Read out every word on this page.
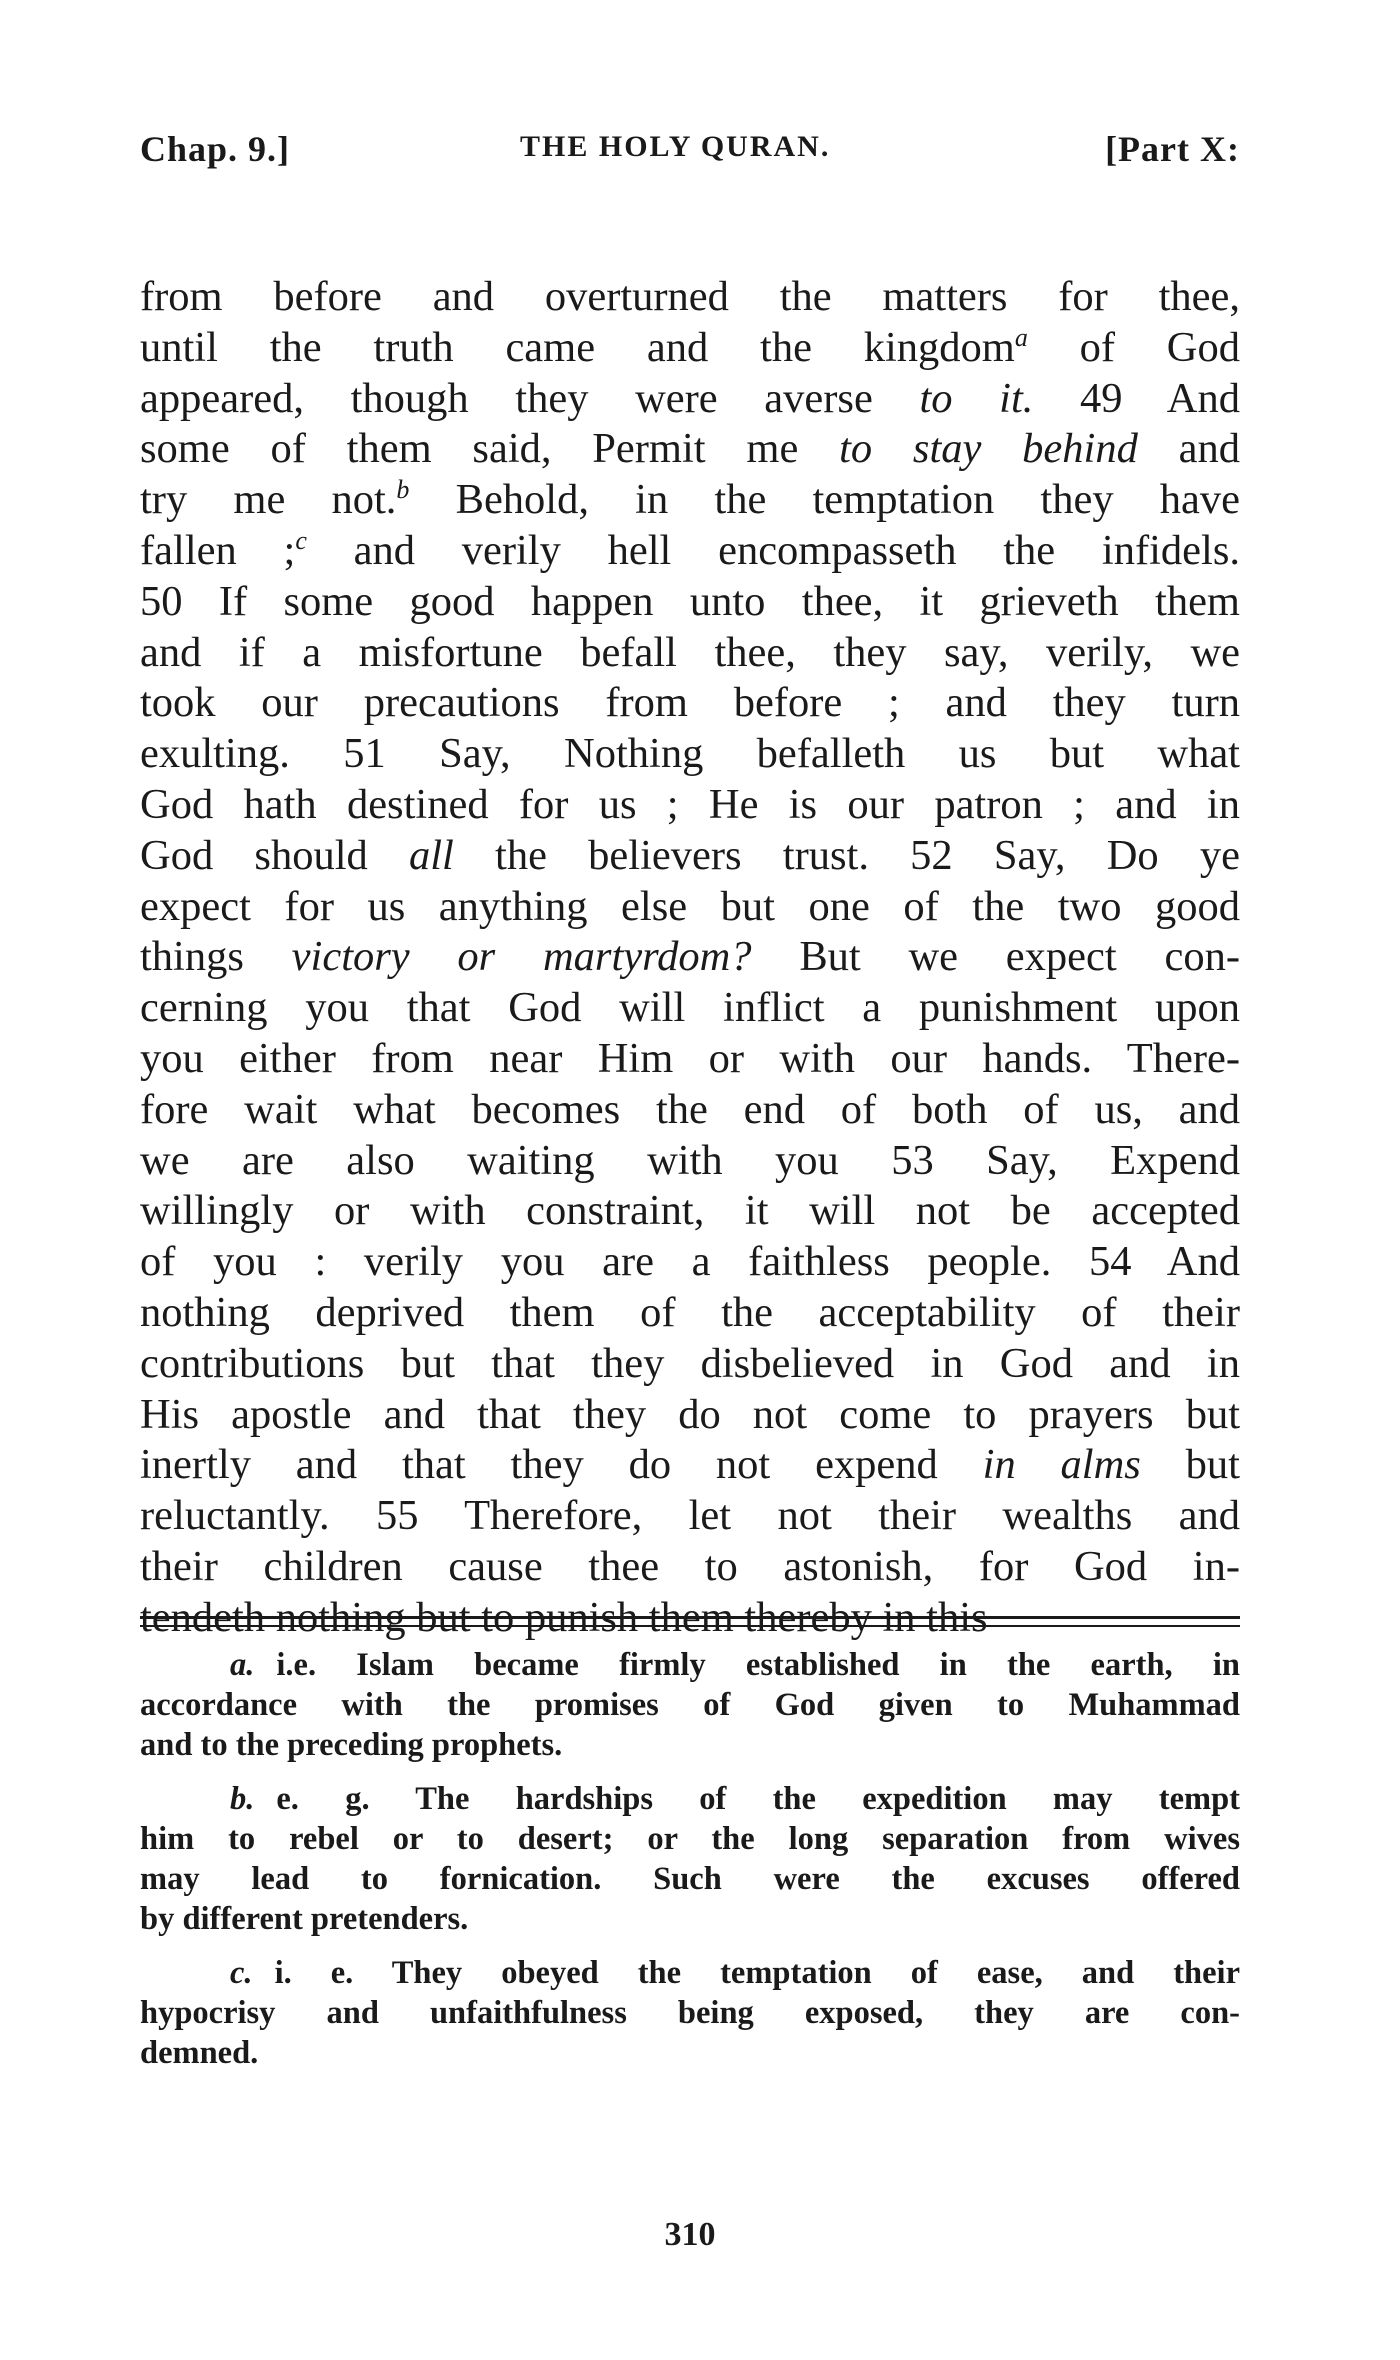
Chap. 9.]	THE HOLY QURAN.	[Part X:
from before and overturned the matters for thee,
until the truth came and the kingdom$^a$ of God
appeared, though they were averse to it. 49 And
some of them said, Permit me to stay behind and
try me not.$^b$ Behold, in the temptation they have
fallen ;$^c$ and verily hell encompasseth the infidels.
50 If some good happen unto thee, it grieveth them
and if a misfortune befall thee, they say, verily, we
took our precautions from before ; and they turn
exulting. 51 Say, Nothing befalleth us but what
God hath destined for us ; He is our patron ; and in
God should all the believers trust. 52 Say, Do ye
expect for us anything else but one of the two good
things victory or martyrdom? But we expect con-
cerning you that God will inflict a punishment upon
you either from near Him or with our hands. There-
fore wait what becomes the end of both of us, and
we are also waiting with you 53 Say, Expend
willingly or with constraint, it will not be accepted
of you : verily you are a faithless people. 54 And
nothing deprived them of the acceptability of their
contributions but that they disbelieved in God and in
His apostle and that they do not come to prayers but
inertly and that they do not expend in alms but
reluctantly. 55 Therefore, let not their wealths and
their children cause thee to astonish, for God in-
tendeth nothing but to punish them thereby in this
a. i.e. Islam became firmly established in the earth, in
accordance with the promises of God given to Muhammad
and to the preceding prophets.
b. e. g. The hardships of the expedition may tempt
him to rebel or to desert; or the long separation from wives
may lead to fornication. Such were the excuses offered
by different pretenders.
c. i. e. They obeyed the temptation of ease, and their
hypocrisy and unfaithfulness being exposed, they are con-
demned.
310
